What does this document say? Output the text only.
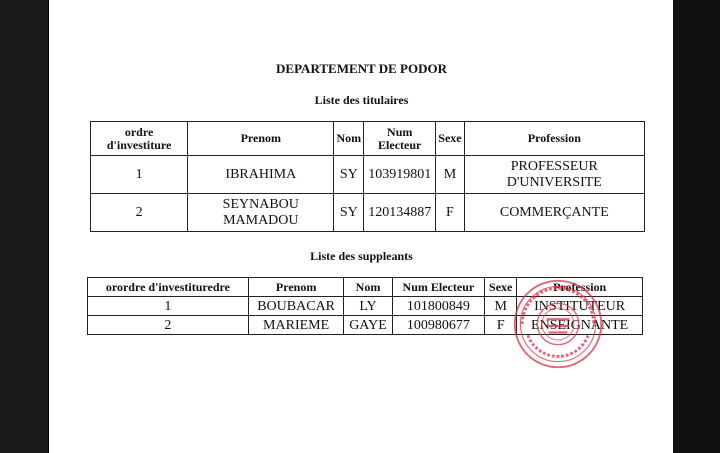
DEPARTEMENT DE PODOR
Liste des titulaires
ordre d'investiture	Prenom	Nom	Num Electeur	Sexe	Profession
1	IBRAHIMA	SY	103919801	M	PROFESSEUR D'UNIVERSITE
2	SEYNABOU MAMADOU	SY	120134887	F	COMMERÇANTE
Liste des suppleants
orordre d'investituredre	Prenom	Nom	Num Electeur	Sexe	Profession
1	BOUBACAR	LY	101800849	M	INSTITUTEUR
2	MARIEME	GAYE	100980677	F	ENSEIGNANTE
